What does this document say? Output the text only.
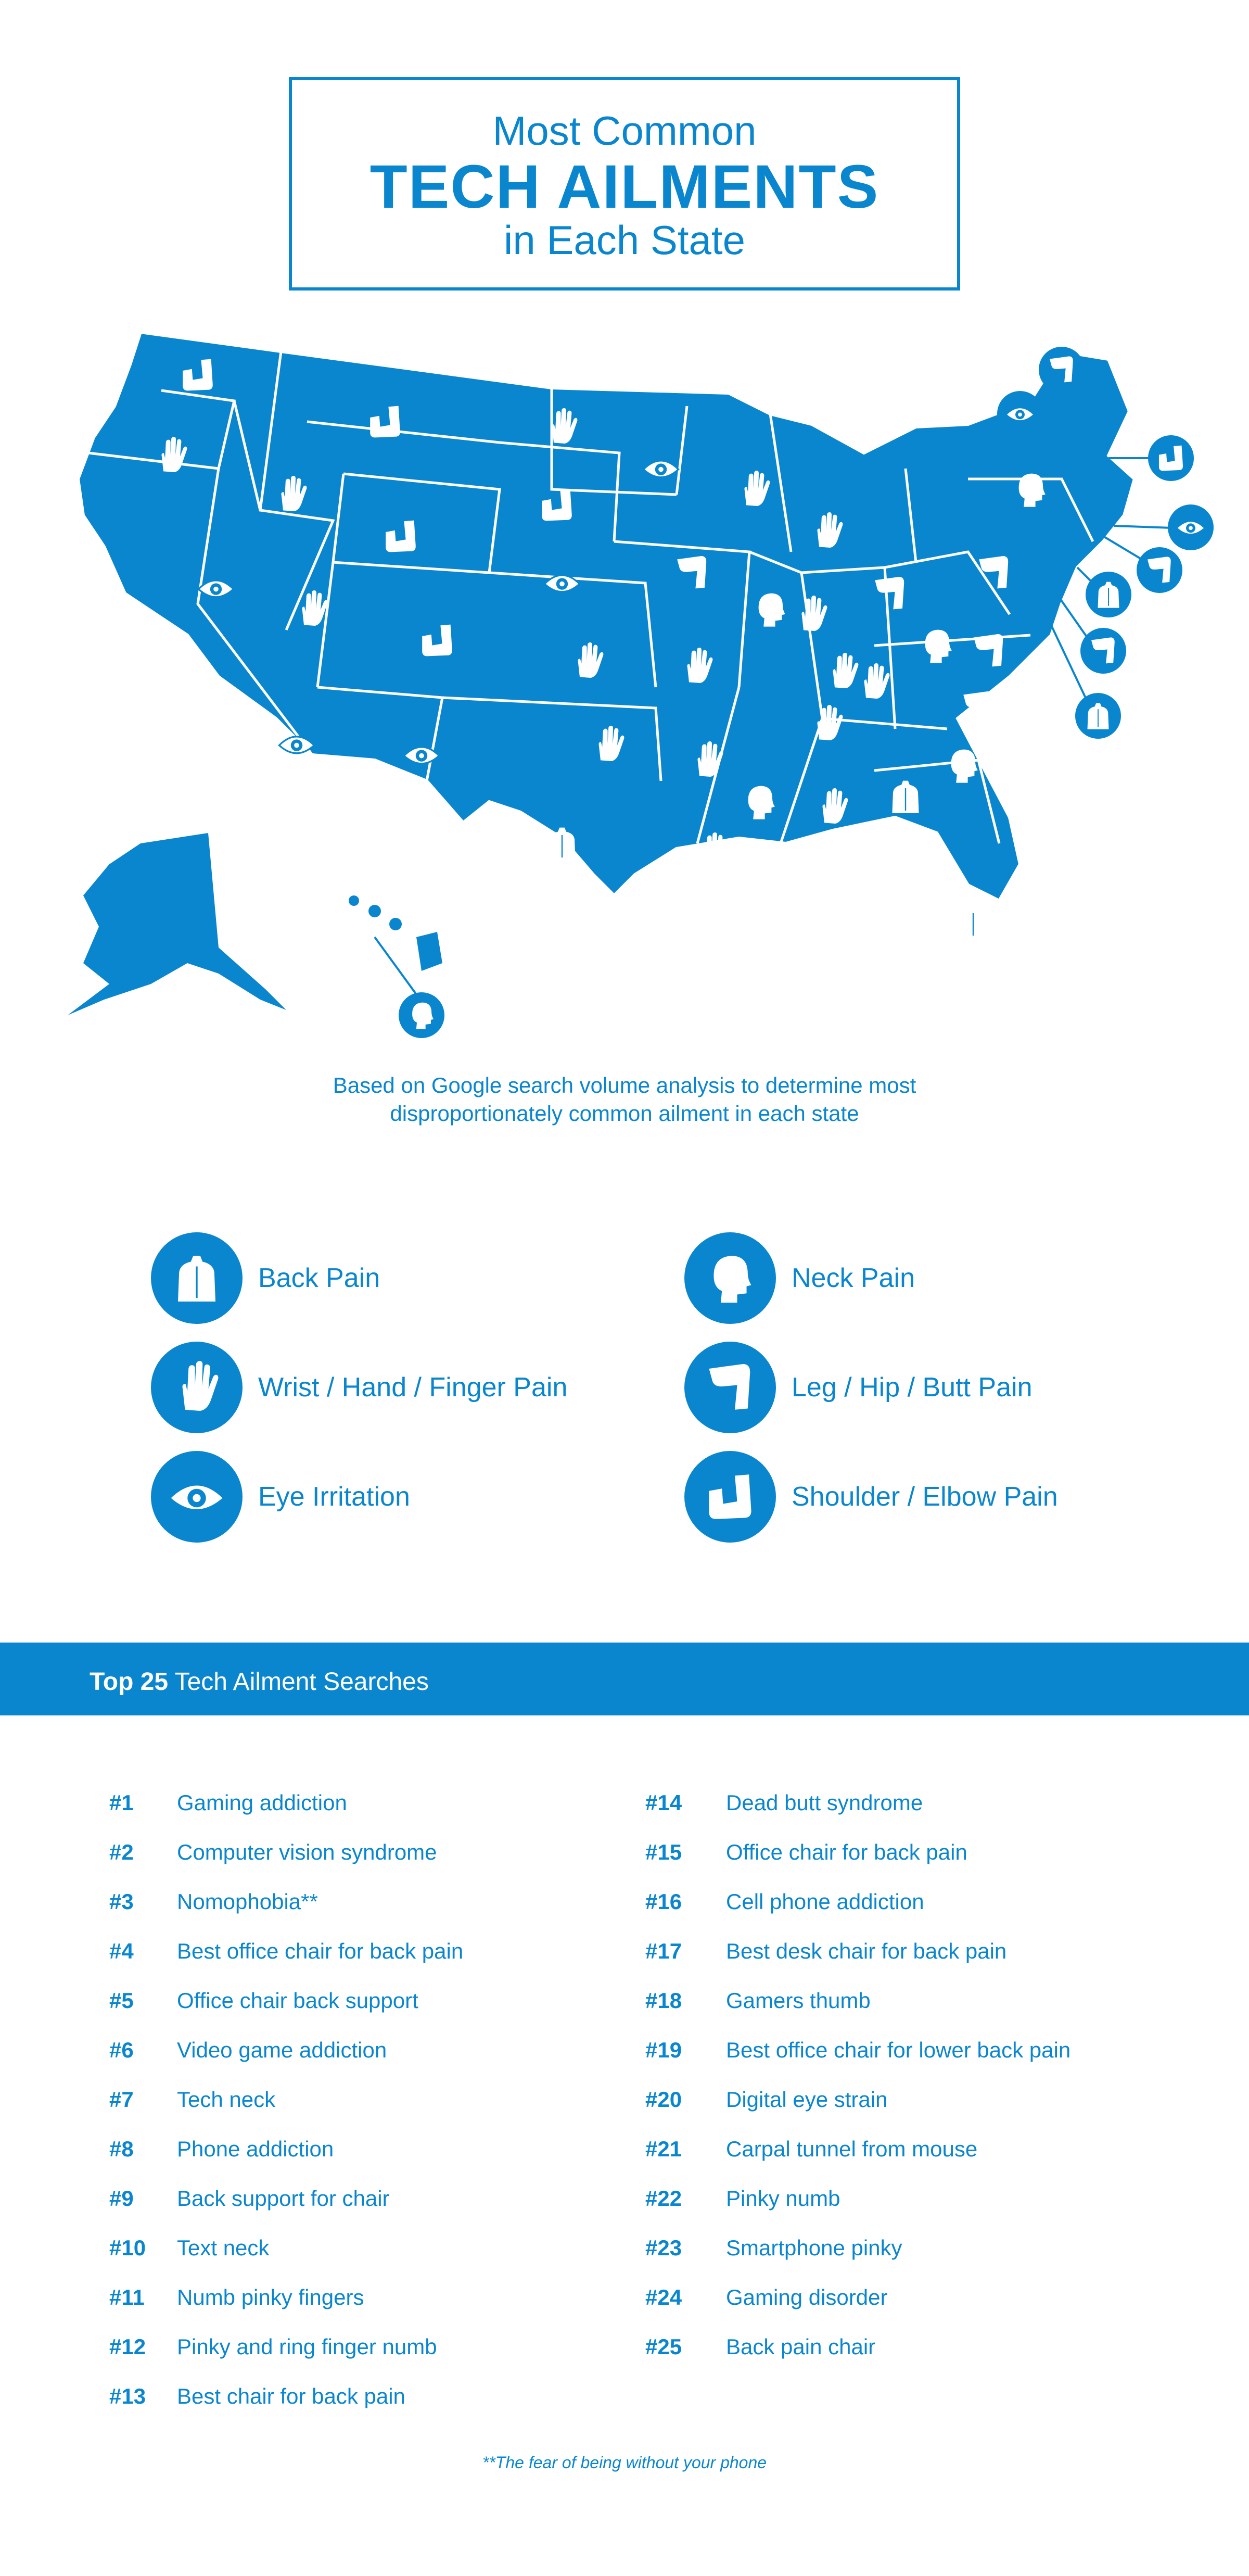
Most Common
TECH AILMENTS
in Each State
Based on Google search volume analysis to determine most disproportionately common ailment in each state
Back Pain	Neck Pain
Wrist / Hand / Finger Pain	Leg / Hip / Butt Pain
Eye Irritation	Shoulder / Elbow Pain
Top 25 Tech Ailment Searches
#1 Gaming addiction
#2 Computer vision syndrome
#3 Nomophobia**
#4 Best office chair for back pain
#5 Office chair back support
#6 Video game addiction
#7 Tech neck
#8 Phone addiction
#9 Back support for chair
#10 Text neck
#11 Numb pinky fingers
#12 Pinky and ring finger numb
#13 Best chair for back pain
#14 Dead butt syndrome
#15 Office chair for back pain
#16 Cell phone addiction
#17 Best desk chair for back pain
#18 Gamers thumb
#19 Best office chair for lower back pain
#20 Digital eye strain
#21 Carpal tunnel from mouse
#22 Pinky numb
#23 Smartphone pinky
#24 Gaming disorder
#25 Back pain chair
**The fear of being without your phone
